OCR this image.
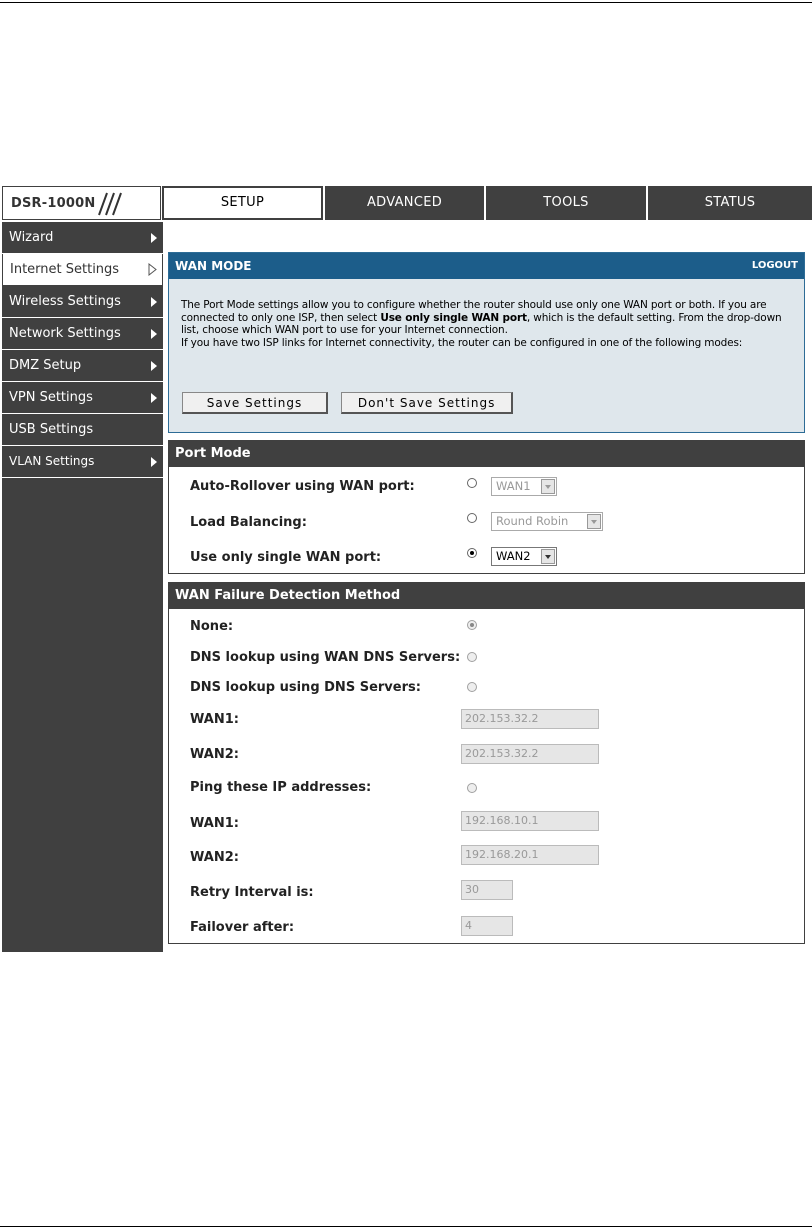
DSR-1000N	SETUP	ADVANCED	TOOLS	STATUS
Wizard
Internet Settings
Wireless Settings
Network Settings
DMZ Setup
VPN Settings
USB Settings
VLAN Settings
WAN MODE	LOGOUT
The Port Mode settings allow you to configure whether the router should use only one WAN port or both. If you are connected to only one ISP, then select Use only single WAN port, which is the default setting. From the drop-down list, choose which WAN port to use for your Internet connection.
If you have two ISP links for Internet connectivity, the router can be configured in one of the following modes:
Save Settings	Don't Save Settings
Port Mode
Auto-Rollover using WAN port:	WAN1
Load Balancing:	Round Robin
Use only single WAN port:	WAN2
WAN Failure Detection Method
None:
DNS lookup using WAN DNS Servers:
DNS lookup using DNS Servers:
WAN1:	202.153.32.2
WAN2:	202.153.32.2
Ping these IP addresses:
WAN1:	192.168.10.1
WAN2:	192.168.20.1
Retry Interval is:	30
Failover after:	4
